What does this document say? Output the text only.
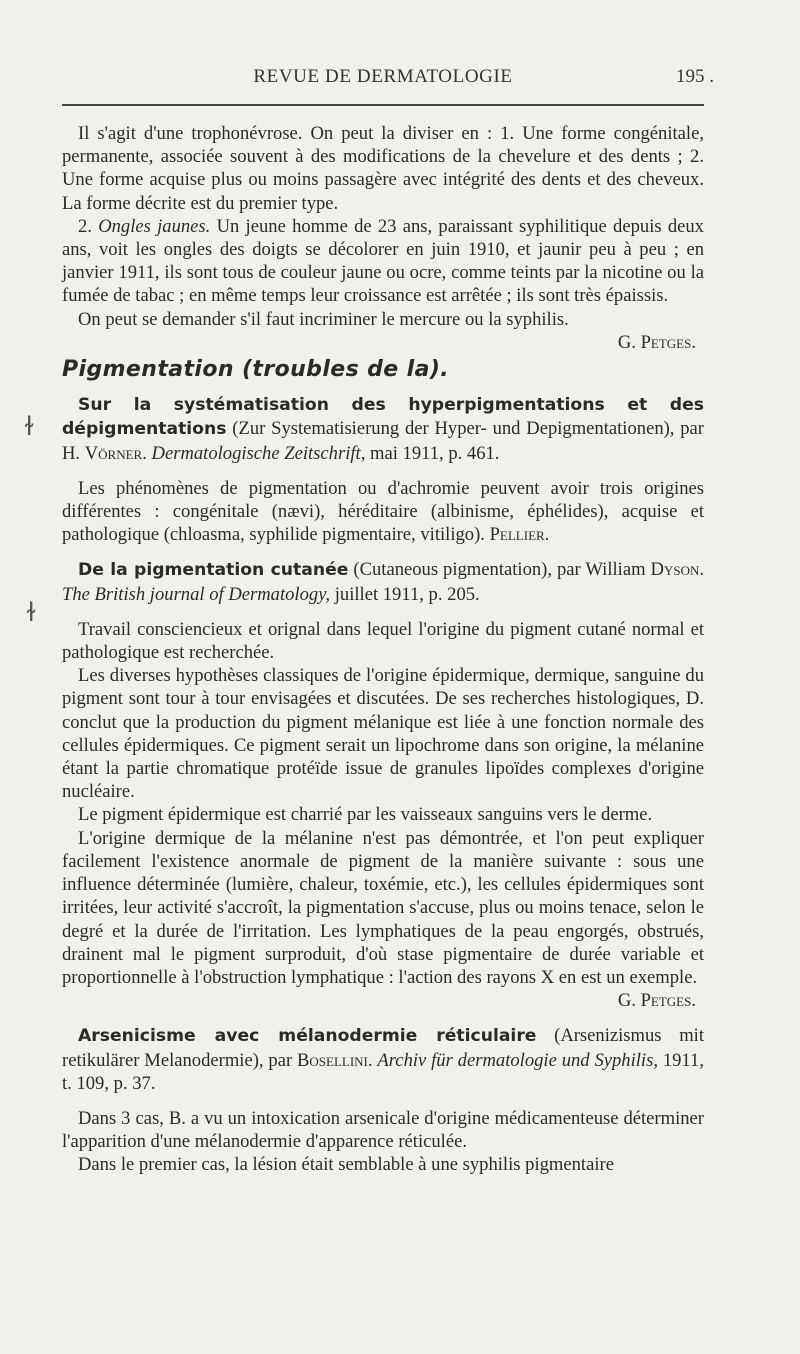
REVUE DE DERMATOLOGIE	195 .
ɫ
ɫ

Il s'agit d'une trophonévrose. On peut la diviser en : 1. Une forme congénitale, permanente, associée souvent à des modifications de la chevelure et des dents ; 2. Une forme acquise plus ou moins passagère avec intégrité des dents et des cheveux. La forme décrite est du premier type.

2. Ongles jaunes. Un jeune homme de 23 ans, paraissant syphilitique depuis deux ans, voit les ongles des doigts se décolorer en juin 1910, et jaunir peu à peu ; en janvier 1911, ils sont tous de couleur jaune ou ocre, comme teints par la nicotine ou la fumée de tabac ; en même temps leur croissance est arrêtée ; ils sont très épaissis.

On peut se demander s'il faut incriminer le mercure ou la syphilis.

G. Petges.

Pigmentation (troubles de la).

Sur la systématisation des hyperpigmentations et des dépigmentations (Zur Systematisierung der Hyper- und Depigmentationen), par H. Vörner. Dermatologische Zeitschrift, mai 1911, p. 461.

Les phénomènes de pigmentation ou d'achromie peuvent avoir trois origines différentes : congénitale (nævi), héréditaire (albinisme, éphélides), acquise et pathologique (chloasma, syphilide pigmentaire, vitiligo). Pellier.

De la pigmentation cutanée (Cutaneous pigmentation), par William Dyson. The British journal of Dermatology, juillet 1911, p. 205.

Travail consciencieux et orignal dans lequel l'origine du pigment cutané normal et pathologique est recherchée.

Les diverses hypothèses classiques de l'origine épidermique, dermique, sanguine du pigment sont tour à tour envisagées et discutées. De ses recherches histologiques, D. conclut que la production du pigment mélanique est liée à une fonction normale des cellules épidermiques. Ce pigment serait un lipochrome dans son origine, la mélanine étant la partie chromatique protéïde issue de granules lipoïdes complexes d'origine nucléaire.

Le pigment épidermique est charrié par les vaisseaux sanguins vers le derme.

L'origine dermique de la mélanine n'est pas démontrée, et l'on peut expliquer facilement l'existence anormale de pigment de la manière suivante : sous une influence déterminée (lumière, chaleur, toxémie, etc.), les cellules épidermiques sont irritées, leur activité s'accroît, la pigmentation s'accuse, plus ou moins tenace, selon le degré et la durée de l'irritation. Les lymphatiques de la peau engorgés, obstrués, drainent mal le pigment surproduit, d'où stase pigmentaire de durée variable et proportionnelle à l'obstruction lymphatique : l'action des rayons X en est un exemple.

G. Petges.

Arsenicisme avec mélanodermie réticulaire (Arsenizismus mit retikulärer Melanodermie), par Bosellini. Archiv für dermatologie und Syphilis, 1911, t. 109, p. 37.

Dans 3 cas, B. a vu un intoxication arsenicale d'origine médicamenteuse déterminer l'apparition d'une mélanodermie d'apparence réticulée.

Dans le premier cas, la lésion était semblable à une syphilis pigmentaire
